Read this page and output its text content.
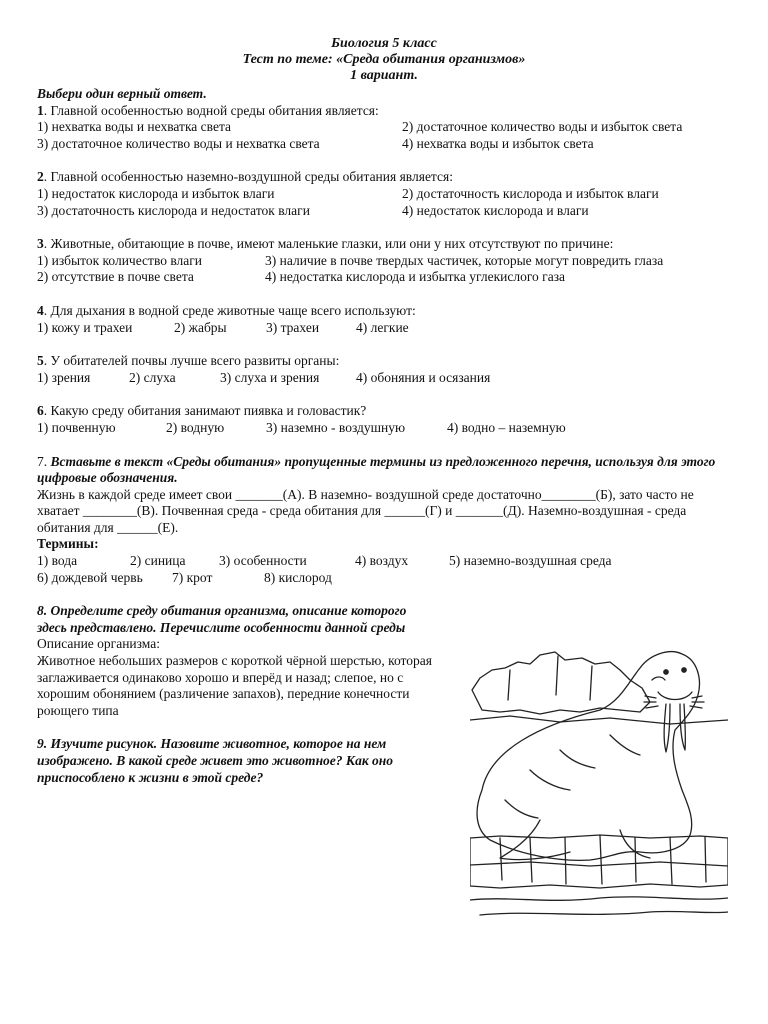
Биология 5 класс
Тест по теме: «Среда обитания организмов»
1 вариант.

Выбери один верный ответ.

1. Главной особенностью водной среды обитания является:

1) нехватка воды и нехватка света	2) достаточное количество воды и избыток света
3) достаточное количество воды и нехватка света	4) нехватка воды и избыток света

2. Главной особенностью наземно-воздушной среды обитания является:

1) недостаток кислорода и избыток влаги	2) достаточность кислорода и избыток влаги
3) достаточность кислорода и недостаток влаги	4) недостаток кислорода и влаги

3. Животные, обитающие в почве, имеют маленькие глазки, или они у них отсутствуют по причине:

1) избыток количество влаги	3) наличие в почве твердых частичек, которые могут повредить глаза
2) отсутствие в почве света	4) недостатка кислорода и избытка углекислого газа

4. Для дыхания в водной среде животные чаще всего используют:

1) кожу и трахеи	2) жабры	3) трахеи	4) легкие

5. У обитателей почвы лучше всего развиты органы:

1) зрения	2) слуха	3) слуха и зрения	4) обоняния и осязания

6. Какую среду обитания занимают пиявка и головастик?

1) почвенную	2) водную	3) наземно - воздушную	4) водно – наземную

7. Вставьте в текст «Среды обитания» пропущенные термины из предложенного перечня, используя для этого цифровые обозначения.

Жизнь в каждой среде имеет свои _______(А). В наземно- воздушной среде достаточно________(Б), зато часто не хватает ________(В). Почвенная среда - среда обитания для ______(Г) и _______(Д). Наземно-воздушная - среда обитания для ______(Е).

Термины:

1) вода	2) синица	3) особенности	4) воздух	5) наземно-воздушная среда
6) дождевой червь	7) крот	8) кислород

8. Определите среду обитания организма, описание которого здесь представлено. Перечислите особенности данной среды

Описание организма:

Животное небольших размеров с короткой чёрной шерстью, которая заглаживается одинаково хорошо и вперёд и назад; слепое, но с хорошим обонянием (различение запахов), передние конечности роющего типа

9. Изучите рисунок. Назовите животное, которое на нем изображено. В какой среде живет это животное? Как оно приспособлено к жизни в этой среде?
